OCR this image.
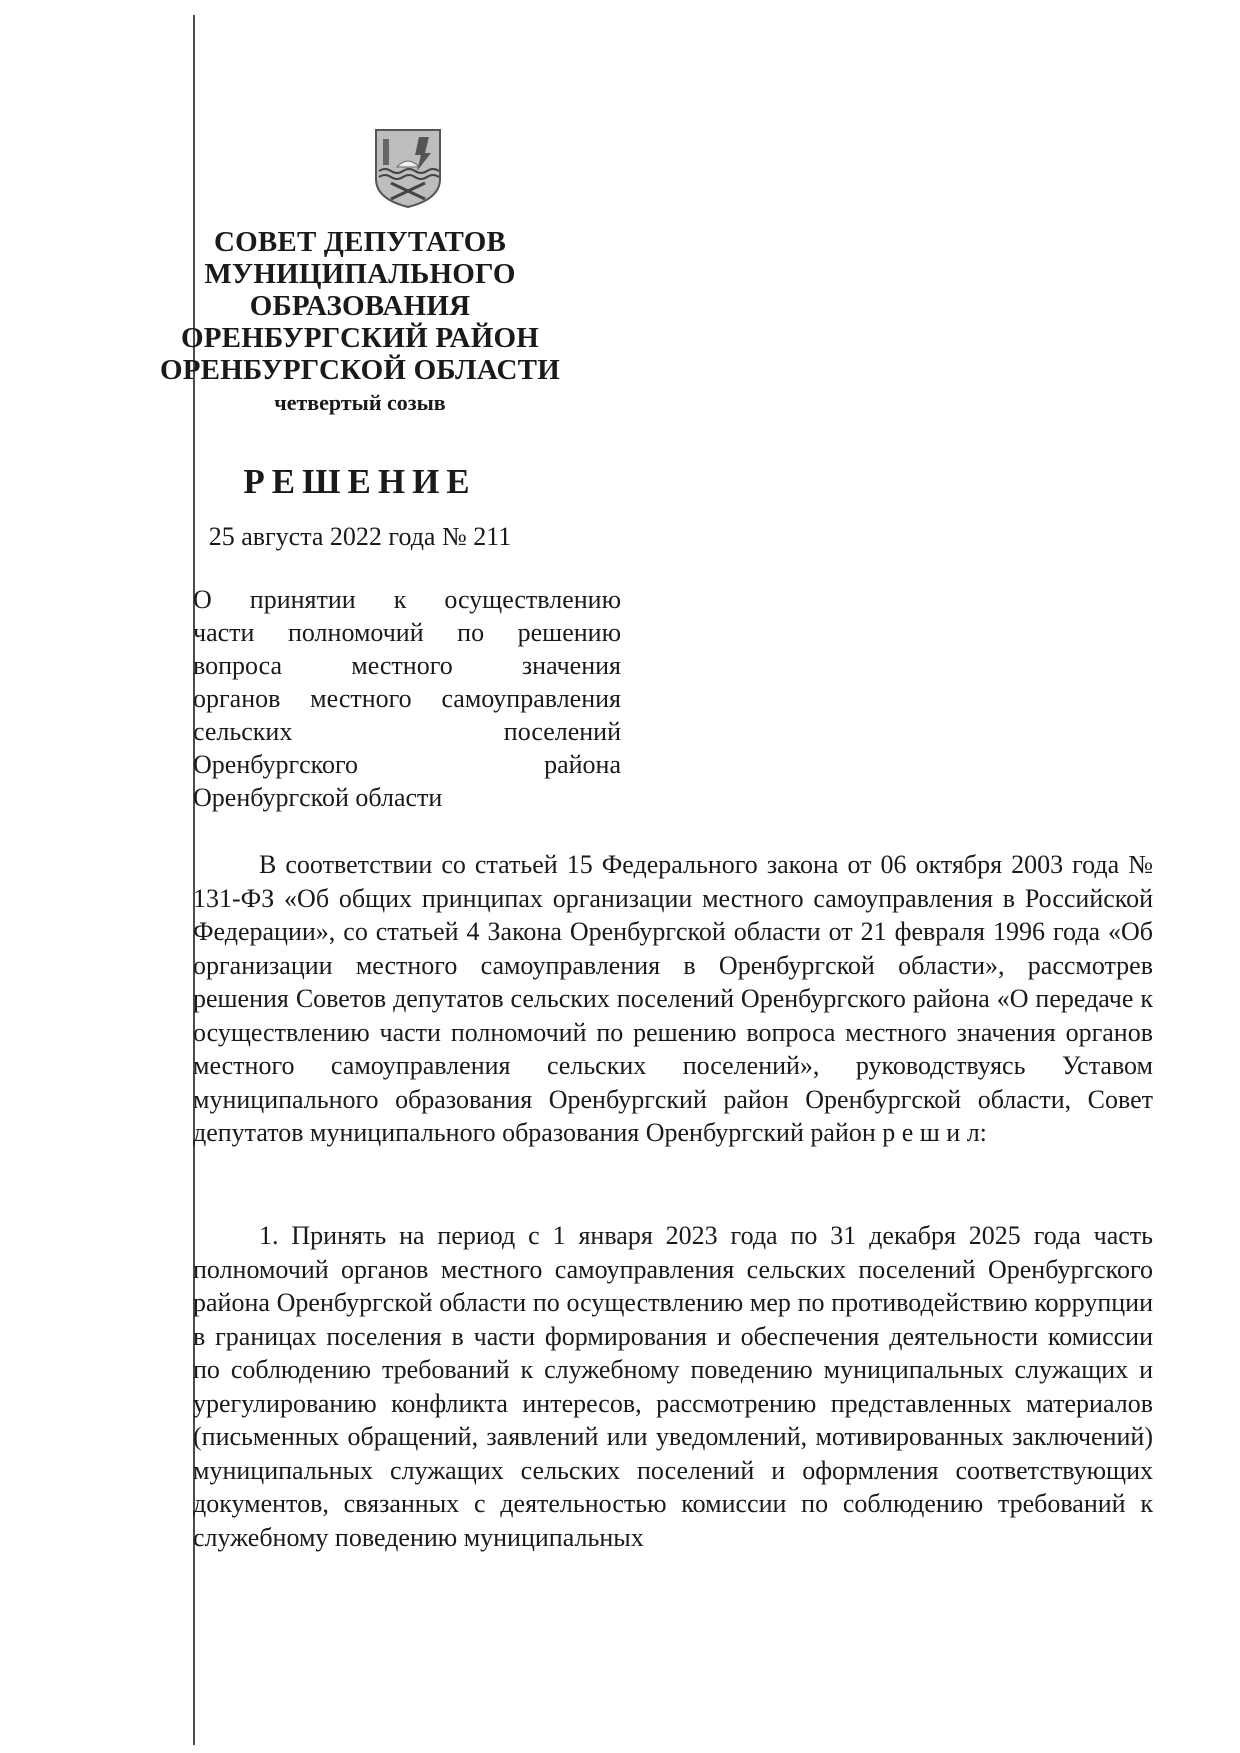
СОВЕТ ДЕПУТАТОВ
МУНИЦИПАЛЬНОГО
ОБРАЗОВАНИЯ
ОРЕНБУРГСКИЙ РАЙОН
ОРЕНБУРГСКОЙ ОБЛАСТИ
четвертый созыв
РЕШЕНИЕ
25 августа 2022 года № 211
О принятии к осуществлению
части полномочий по решению
вопроса местного значения
органов местного самоуправления
сельских поселений
Оренбургского района
Оренбургской области

В соответствии со статьей 15 Федерального закона от 06 октября 2003 года № 131-ФЗ «Об общих принципах организации местного самоуправления в Российской Федерации», со статьей 4 Закона Оренбургской области от 21 февраля 1996 года «Об организации местного самоуправления в Оренбургской области», рассмотрев решения Советов депутатов сельских поселений Оренбургского района «О передаче к осуществлению части полномочий по решению вопроса местного значения органов местного самоуправления сельских поселений», руководствуясь Уставом муниципального образования Оренбургский район Оренбургской области, Совет депутатов муниципального образования Оренбургский район р е ш и л:

1. Принять на период с 1 января 2023 года по 31 декабря 2025 года часть полномочий органов местного самоуправления сельских поселений Оренбургского района Оренбургской области по осуществлению мер по противодействию коррупции в границах поселения в части формирования и обеспечения деятельности комиссии по соблюдению требований к служебному поведению муниципальных служащих и урегулированию конфликта интересов, рассмотрению представленных материалов (письменных обращений, заявлений или уведомлений, мотивированных заключений) муниципальных служащих сельских поселений и оформления соответствующих документов, связанных с деятельностью комиссии по соблюдению требований к служебному поведению муниципальных
